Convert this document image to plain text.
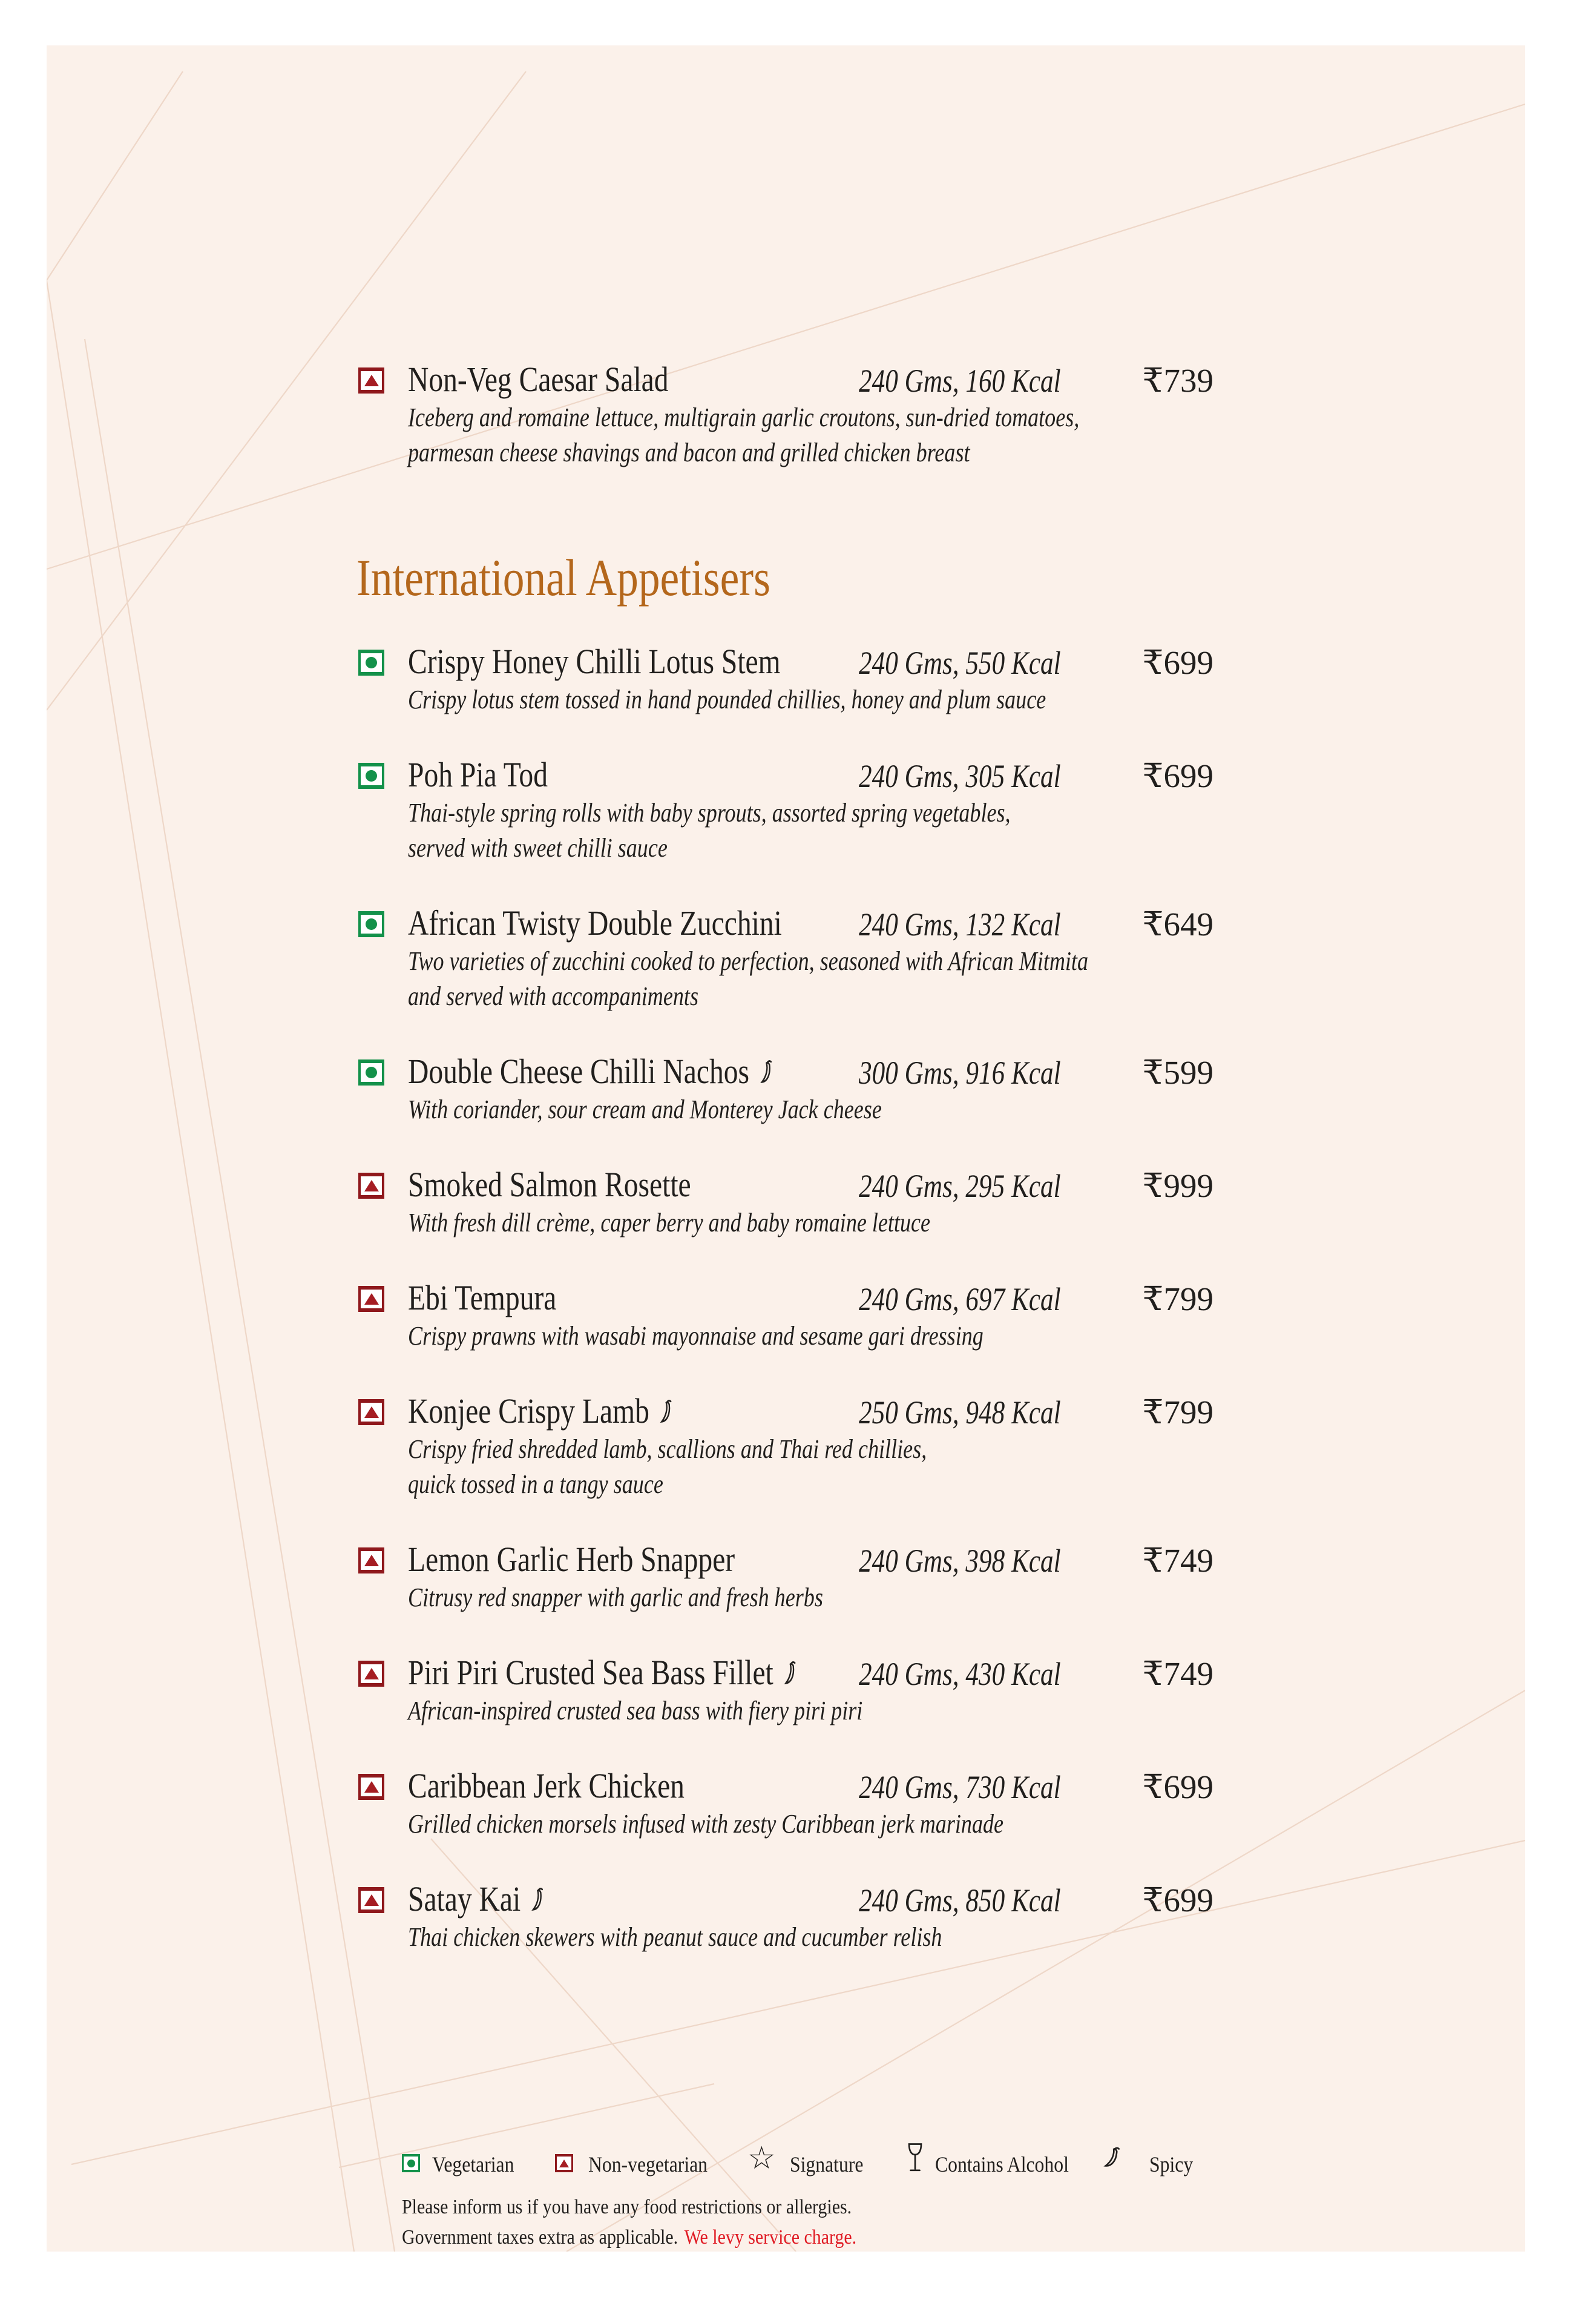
Non-Veg Caesar Salad	240 Gms, 160 Kcal	₹739
Iceberg and romaine lettuce, multigrain garlic croutons, sun-dried tomatoes,
parmesan cheese shavings and bacon and grilled chicken breast
International Appetisers
Crispy Honey Chilli Lotus Stem	240 Gms, 550 Kcal	₹699
Crispy lotus stem tossed in hand pounded chillies, honey and plum sauce

Poh Pia Tod	240 Gms, 305 Kcal	₹699
Thai-style spring rolls with baby sprouts, assorted spring vegetables,
served with sweet chilli sauce
African Twisty Double Zucchini	240 Gms, 132 Kcal	₹649
Two varieties of zucchini cooked to perfection, seasoned with African Mitmita
and served with accompaniments
Double Cheese Chilli Nachos	300 Gms, 916 Kcal	₹599
With coriander, sour cream and Monterey Jack cheese

Smoked Salmon Rosette	240 Gms, 295 Kcal	₹999
With fresh dill crème, caper berry and baby romaine lettuce

Ebi Tempura	240 Gms, 697 Kcal	₹799
Crispy prawns with wasabi mayonnaise and sesame gari dressing

Konjee Crispy Lamb	250 Gms, 948 Kcal	₹799
Crispy fried shredded lamb, scallions and Thai red chillies,
quick tossed in a tangy sauce
Lemon Garlic Herb Snapper	240 Gms, 398 Kcal	₹749
Citrusy red snapper with garlic and fresh herbs

Piri Piri Crusted Sea Bass Fillet	240 Gms, 430 Kcal	₹749
African-inspired crusted sea bass with fiery piri piri

Caribbean Jerk Chicken	240 Gms, 730 Kcal	₹699
Grilled chicken morsels infused with zesty Caribbean jerk marinade

Satay Kai	240 Gms, 850 Kcal	₹699
Thai chicken skewers with peanut sauce and cucumber relish

Vegetarian	Non-vegetarian	☆ Signature	Contains Alcohol	Spicy
Please inform us if you have any food restrictions or allergies.
Government taxes extra as applicable. We levy service charge.
